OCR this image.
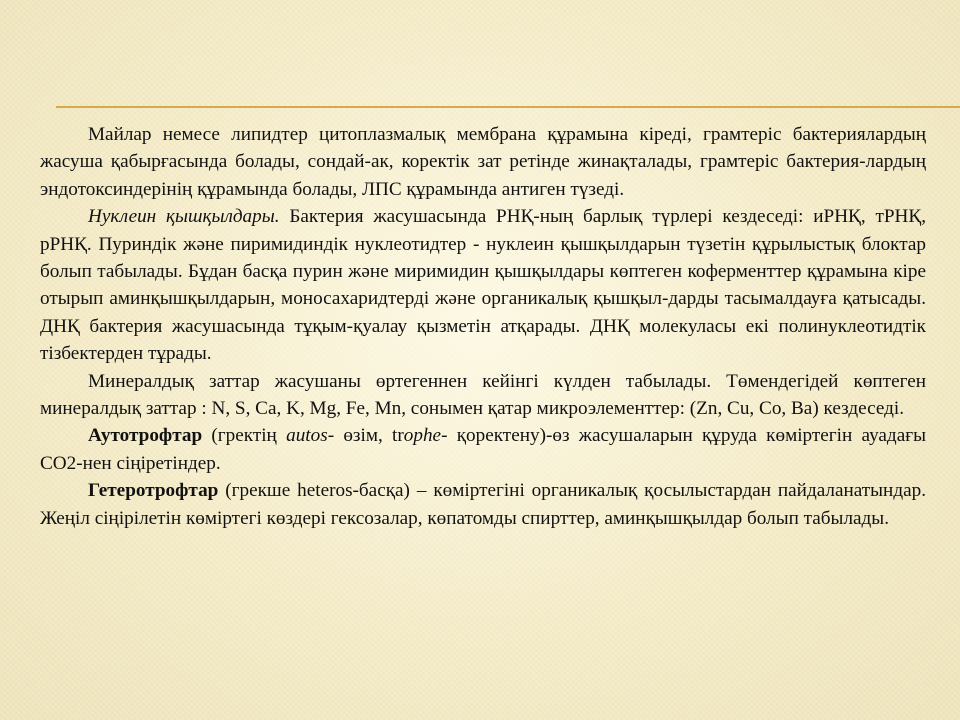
Майлар немесе липидтер цитоплазмалық мембрана құрамына кіреді, грамтеріс бактериялардың жасуша қабырғасында болады, сондай-ак, коректік зат ретінде жинақталады, грамтеріс бактерия-лардың эндотоксиндерінің құрамында болады, ЛПС құрамында антиген түзеді.

Нуклеин қышқылдары. Бактерия жасушасында РНҚ-ның барлық түрлері кездеседі: иРНҚ, тРНҚ, рРНҚ. Пуриндік және пиримидиндік нуклеотидтер - нуклеин қышқылдарын түзетін құрылыстық блоктар болып табылады. Бұдан басқа пурин және миримидин қышқылдары көптеген коферменттер құрамына кіре отырып аминқышқылдарын, моносахаридтерді және органикалық қышқыл-дарды тасымалдауға қатысады. ДНҚ бактерия жасушасында тұқым-қуалау қызметін атқарады. ДНҚ молекуласы екі полинуклеотидтік тізбектерден тұрады.

Минералдық заттар жасушаны өртегеннен кейінгі күлден табылады. Төмендегідей көптеген минералдық заттар : N, S, Ca, K, Mg, Fe, Mn, сонымен қатар микроэлементтер: (Zn, Cu, Co, Ba) кездеседі.

Аутотрофтар (гректің autos- өзім, trophe- қоректену)-өз жасушаларын құруда көміртегін ауадағы СО2-нен сіңіретіндер.

Гетеротрофтар (грекше heteros-басқа) – көміртегіні органикалық қосылыстардан пайдаланатындар. Жеңіл сіңірілетін көміртегі көздері гексозалар, көпатомды спирттер, аминқышқылдар болып табылады.
